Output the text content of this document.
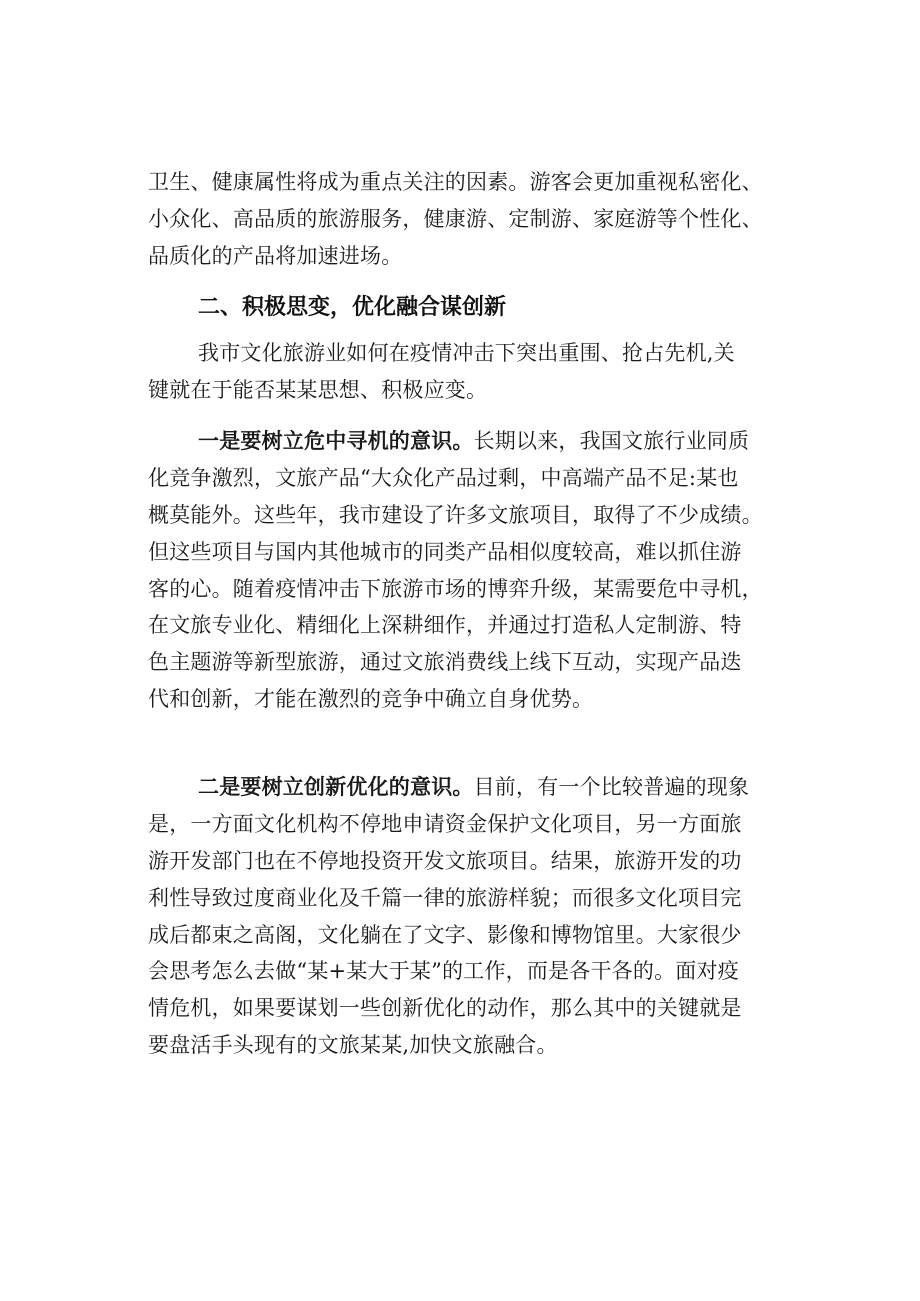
卫生、健康属性将成为重点关注的因素。游客会更加重视私密化、
小众化、高品质的旅游服务，健康游、定制游、家庭游等个性化、
品质化的产品将加速进场。
二、积极思变，优化融合谋创新
我市文化旅游业如何在疫情冲击下突出重围、抢占先机,关
键就在于能否某某思想、积极应变。
一是要树立危中寻机的意识。长期以来，我国文旅行业同质
化竞争激烈，文旅产品“大众化产品过剩，中高端产品不足:某也
概莫能外。这些年，我市建设了许多文旅项目，取得了不少成绩。
但这些项目与国内其他城市的同类产品相似度较高，难以抓住游
客的心。随着疫情冲击下旅游市场的博弈升级，某需要危中寻机，
在文旅专业化、精细化上深耕细作，并通过打造私人定制游、特
色主题游等新型旅游，通过文旅消费线上线下互动，实现产品迭
代和创新，才能在激烈的竞争中确立自身优势。
二是要树立创新优化的意识。目前，有一个比较普遍的现象
是，一方面文化机构不停地申请资金保护文化项目，另一方面旅
游开发部门也在不停地投资开发文旅项目。结果，旅游开发的功
利性导致过度商业化及千篇一律的旅游样貌；而很多文化项目完
成后都束之高阁，文化躺在了文字、影像和博物馆里。大家很少
会思考怎么去做“某+某大于某”的工作，而是各干各的。面对疫
情危机，如果要谋划一些创新优化的动作，那么其中的关键就是
要盘活手头现有的文旅某某,加快文旅融合。
